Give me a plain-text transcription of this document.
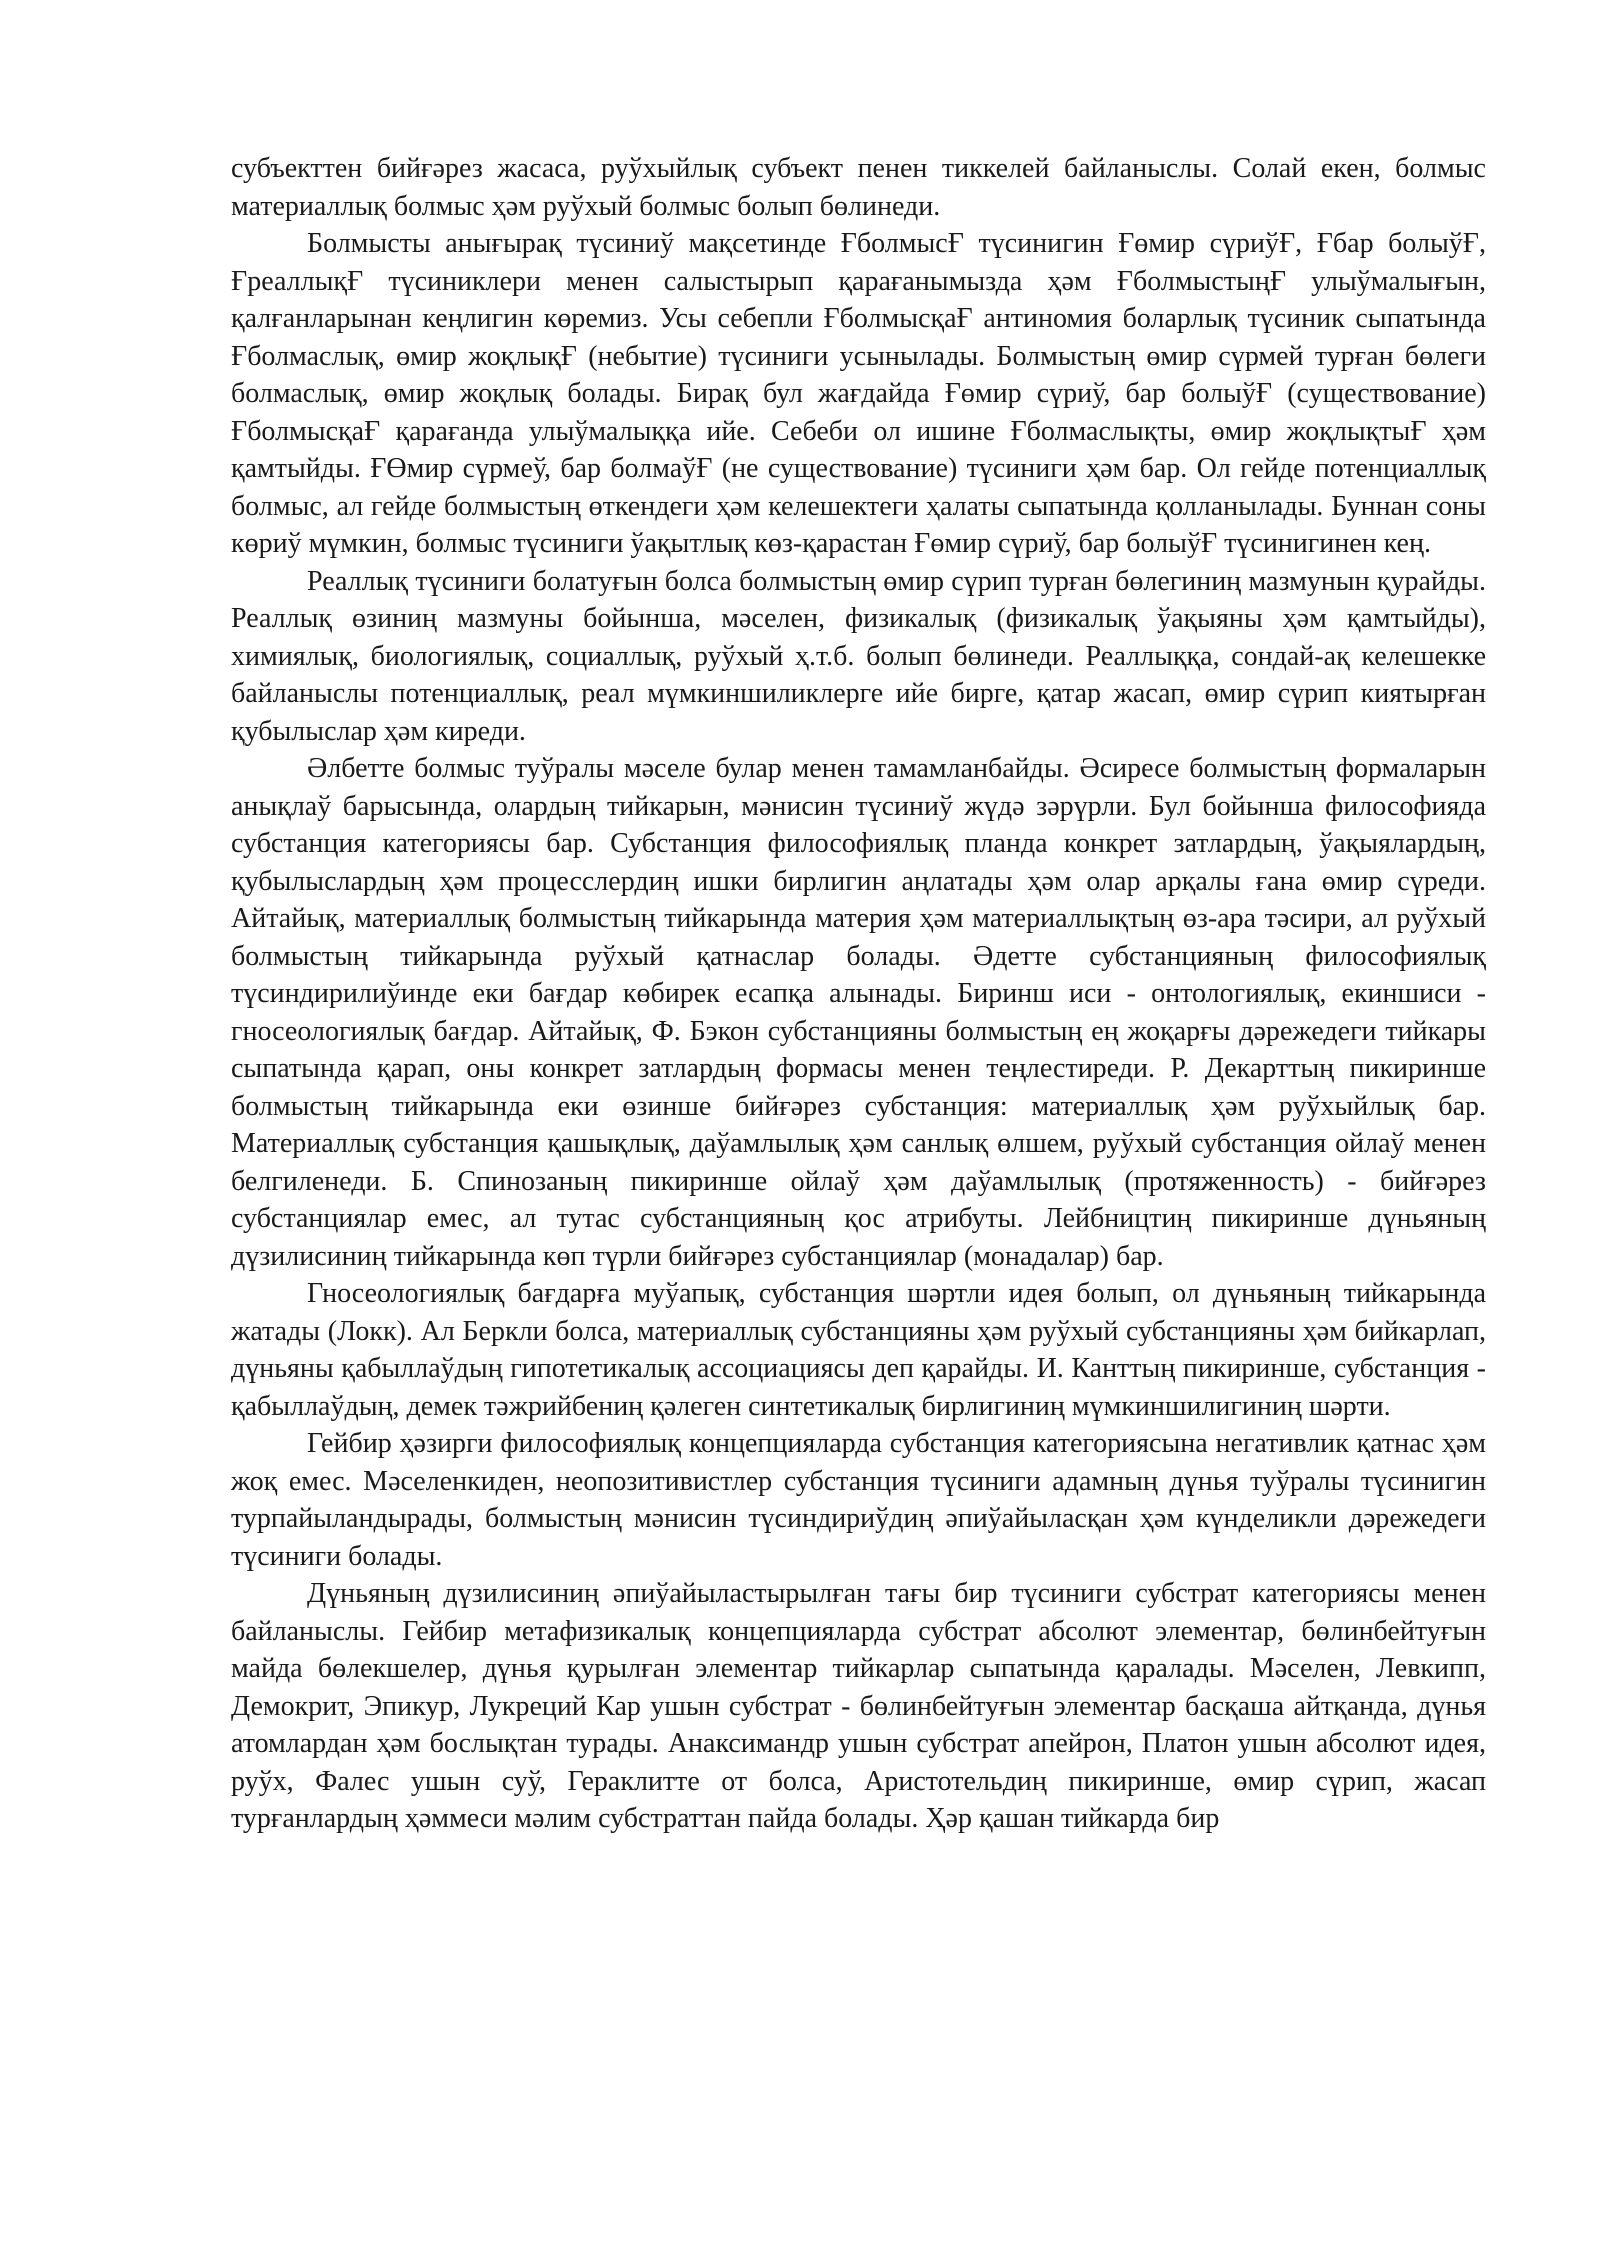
субъекттен бийғәрез жасаса, руўхыйлық субъект пенен тиккелей байланыслы. Солай екен, болмыс материаллық болмыс ҳәм руўхый болмыс болып бөлинеди.

Болмысты анығырақ түсиниў мақсетинде ҒболмысҒ түсинигин Ғөмир сүриўҒ, Ғбар болыўҒ, ҒреаллықҒ түсиниклери менен салыстырып қарағанымызда ҳәм ҒболмыстыңҒ улыўмалығын, қалғанларынан кеңлигин көремиз. Усы себепли ҒболмысқаҒ антиномия боларлық түсиник сыпатында Ғболмаслық, өмир жоқлықҒ (небытие) түсиниги усынылады. Болмыстың өмир сүрмей турған бөлеги болмаслық, өмир жоқлық болады. Бирақ бул жағдайда Ғөмир сүриў, бар болыўҒ (существование) ҒболмысқаҒ қарағанда улыўмалыққа ийе. Себеби ол ишине Ғболмаслықты, өмир жоқлықтыҒ ҳәм қамтыйды. ҒӨмир сүрмеў, бар болмаўҒ (не существование) түсиниги ҳәм бар. Ол гейде потенциаллық болмыс, ал гейде болмыстың өткендеги ҳәм келешектеги ҳалаты сыпатында қолланылады. Буннан соны көриў мүмкин, болмыс түсиниги ўақытлық көз-қарастан Ғөмир сүриў, бар болыўҒ түсинигинен кең.

Реаллық түсиниги болатуғын болса болмыстың өмир сүрип турған бөлегиниң мазмунын қурайды. Реаллық өзиниң мазмуны бойынша, мәселен, физикалық (физикалық ўақыяны ҳәм қамтыйды), химиялық, биологиялық, социаллық, руўхый ҳ.т.б. болып бөлинеди. Реаллыққа, сондай-ақ келешекке байланыслы потенциаллық, реал мүмкиншиликлерге ийе бирге, қатар жасап, өмир сүрип киятырған қубылыслар ҳәм киреди.

Әлбетте болмыс туўралы мәселе булар менен тамамланбайды. Әсиресе болмыстың формаларын анықлаў барысында, олардың тийкарын, мәнисин түсиниў жүдә зәрүрли. Бул бойынша философияда субстанция категориясы бар. Субстанция философиялық планда конкрет затлардың, ўақыялардың, қубылыслардың ҳәм процесслердиң ишки бирлигин аңлатады ҳәм олар арқалы ғана өмир сүреди. Айтайық, материаллық болмыстың тийкарында материя ҳәм материаллықтың өз-ара тәсири, ал руўхый болмыстың тийкарында руўхый қатнаслар болады. Әдетте субстанцияның философиялық түсиндирилиўинде еки бағдар көбирек есапқа алынады. Биринш иси - онтологиялық, екиншиси - гносеологиялық бағдар. Айтайық, Ф. Бэкон субстанцияны болмыстың ең жоқарғы дәрежедеги тийкары сыпатында қарап, оны конкрет затлардың формасы менен теңлестиреди. Р. Декарттың пикиринше болмыстың тийкарында еки өзинше бийғәрез субстанция: материаллық ҳәм руўхыйлық бар. Материаллық субстанция қашықлық, даўамлылық ҳәм санлық өлшем, руўхый субстанция ойлаў менен белгиленеди. Б. Спинозаның пикиринше ойлаў ҳәм даўамлылық (протяженность) - бийғәрез субстанциялар емес, ал тутас субстанцияның қос атрибуты. Лейбництиң пикиринше дүньяның дүзилисиниң тийкарында көп түрли бийғәрез субстанциялар (монадалар) бар.

Гносеологиялық бағдарға муўапық, субстанция шәртли идея болып, ол дүньяның тийкарында жатады (Локк). Ал Беркли болса, материаллық субстанцияны ҳәм руўхый субстанцияны ҳәм бийкарлап, дүньяны қабыллаўдың гипотетикалық ассоциациясы деп қарайды. И. Канттың пикиринше, субстанция - қабыллаўдың, демек тәжрийбениң қәлеген синтетикалық бирлигиниң мүмкиншилигиниң шәрти.

Гейбир ҳәзирги философиялық концепцияларда субстанция категориясына негативлик қатнас ҳәм жоқ емес. Мәселенкиден, неопозитивистлер субстанция түсиниги адамның дүнья туўралы түсинигин турпайыландырады, болмыстың мәнисин түсиндириўдиң әпиўайыласқан ҳәм күнделикли дәрежедеги түсиниги болады.

Дүньяның дүзилисиниң әпиўайыластырылған тағы бир түсиниги субстрат категориясы менен байланыслы. Гейбир метафизикалық концепцияларда субстрат абсолют элементар, бөлинбейтуғын майда бөлекшелер, дүнья қурылған элементар тийкарлар сыпатында қаралады. Мәселен, Левкипп, Демокрит, Эпикур, Лукреций Кар ушын субстрат - бөлинбейтуғын элементар басқаша айтқанда, дүнья атомлардан ҳәм бослықтан турады. Анаксимандр ушын субстрат апейрон, Платон ушын абсолют идея, руўх, Фалес ушын суў, Гераклитте от болса, Аристотельдиң пикиринше, өмир сүрип, жасап турғанлардың ҳәммеси мәлим субстраттан пайда болады. Ҳәр қашан тийкарда бир
